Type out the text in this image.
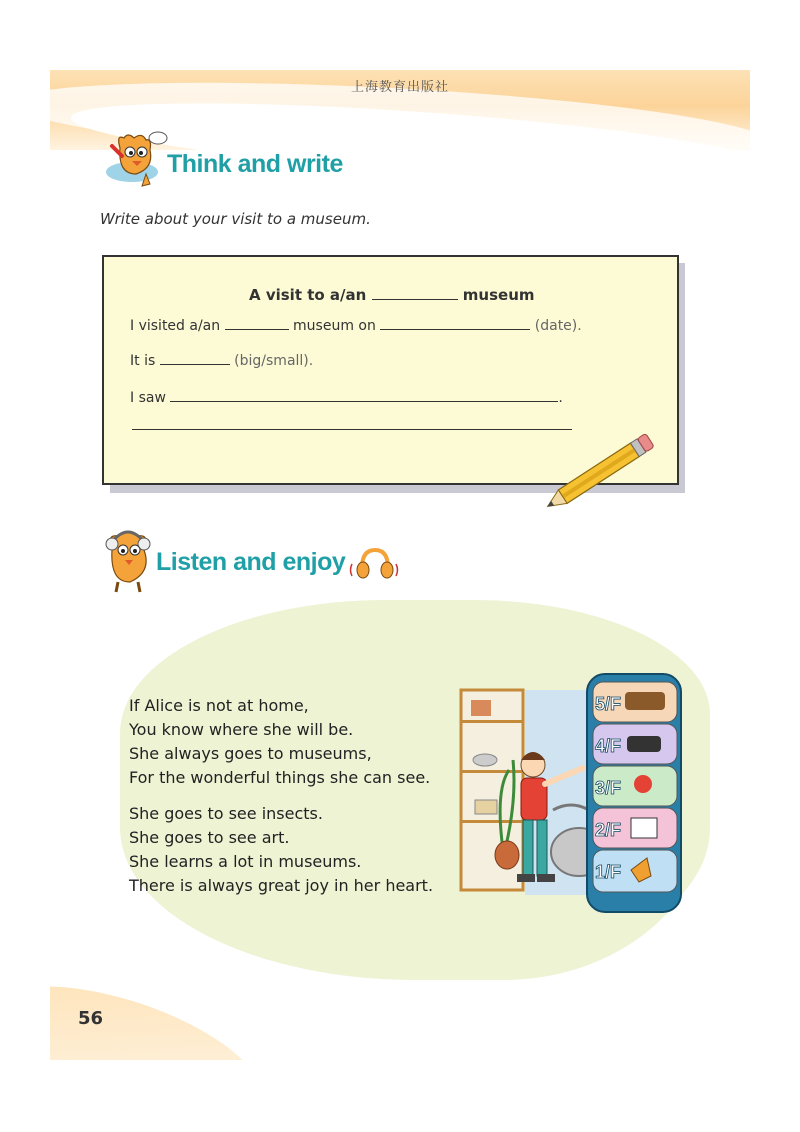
上海教育出版社
Think and write
Write about your visit to a museum.
A visit to a/an	museum
I visited a/an	museum on	(date).
It is	(big/small).
I saw	.
Listen and enjoy
If Alice is not at home,
You know where she will be.
She always goes to museums,
For the wonderful things she can see.
She goes to see insects.
She goes to see art.
She learns a lot in museums.
There is always great joy in her heart.
5/F
4/F
3/F
2/F
1/F
56
